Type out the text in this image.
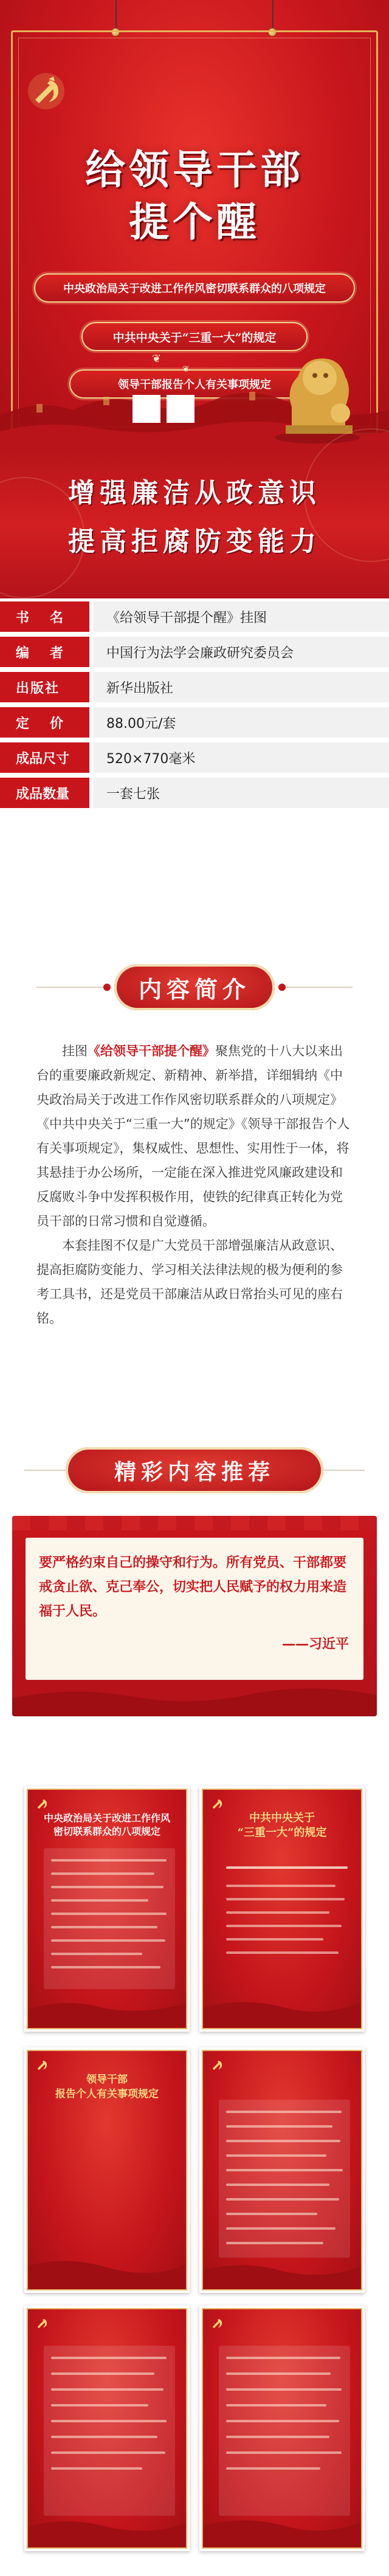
给领导干部
提个醒
中央政治局关于改进工作作风密切联系群众的八项规定
中共中央关于“三重一大”的规定
领导干部报告个人有关事项规定
❦
❦
增强廉洁从政意识
提高拒腐防变能力
书　名	《给领导干部提个醒》挂图
编　者	中国行为法学会廉政研究委员会
出版社	新华出版社
定　价	88.00元/套
成品尺寸	520×770毫米
成品数量	一套七张
内容简介

挂图《给领导干部提个醒》聚焦党的十八大以来出台的重要廉政新规定、新精神、新举措，详细辑纳《中央政治局关于改进工作作风密切联系群众的八项规定》《中共中央关于“三重一大”的规定》《领导干部报告个人有关事项规定》，集权威性、思想性、实用性于一体，将其悬挂于办公场所，一定能在深入推进党风廉政建设和反腐败斗争中发挥积极作用，使铁的纪律真正转化为党员干部的日常习惯和自觉遵循。

本套挂图不仅是广大党员干部增强廉洁从政意识、提高拒腐防变能力、学习相关法律法规的极为便利的参考工具书，还是党员干部廉洁从政日常抬头可见的座右铭。

精彩内容推荐
要严格约束自己的操守和行为。所有党员、干部都要戒贪止欲、克己奉公，切实把人民赋予的权力用来造福于人民。
——习近平
中央政治局关于改进工作作风
密切联系群众的八项规定
中共中央关于
“三重一大”的规定
领导干部
报告个人有关事项规定
